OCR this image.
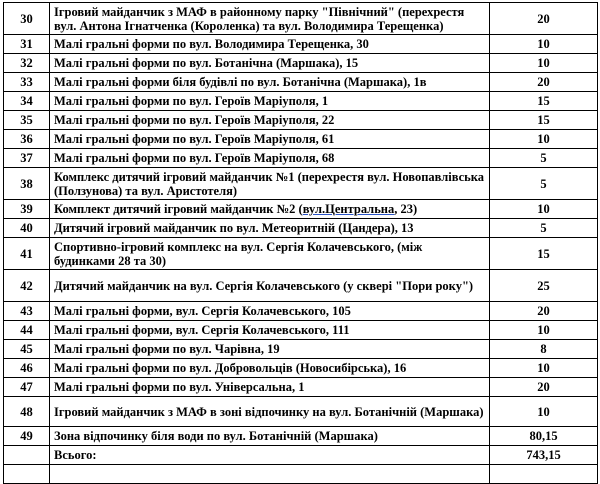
30	Ігровий майданчик з МАФ в районному парку "Північний" (перехрестя вул. Антона Ігнатченка (Короленка) та вул. Володимира Терещенка)	20
31	Малі гральні форми по вул. Володимира Терещенка, 30	10
32	Малі гральні форми по вул. Ботанічна (Маршака), 15	10
33	Малі гральні форми біля будівлі по вул. Ботанічна (Маршака), 1в	20
34	Малі гральні форми по вул. Героїв Маріуполя, 1	15
35	Малі гральні форми по вул. Героїв Маріуполя, 22	15
36	Малі гральні форми по вул. Героїв Маріуполя, 61	10
37	Малі гральні форми по вул. Героїв Маріуполя, 68	5
38	Комплекс дитячий ігровий майданчик №1 (перехрестя вул. Новопавлівська (Ползунова) та вул. Аристотеля)	5
39	Комплект дитячий ігровий майданчик №2 (вул.Центральна, 23)	10
40	Дитячий ігровий майданчик по вул. Метеоритній (Цандера), 13	5
41	Спортивно-ігровий комплекс на вул. Сергія Колачевського, (між будинками 28 та 30)	15
42	Дитячий майданчик на вул. Сергія Колачевського (у сквері "Пори року")	25
43	Малі гральні форми, вул. Сергія Колачевського, 105	20
44	Малі гральні форми, вул. Сергія Колачевського, 111	10
45	Малі гральні форми по вул. Чарівна, 19	8
46	Малі гральні форми по вул. Добровольців (Новосибірська), 16	10
47	Малі гральні форми по вул. Універсальна, 1	20
48	Ігровий майданчик з МАФ в зоні відпочинку на вул. Ботанічній (Маршака)	10
49	Зона відпочинку біля води по вул. Ботанічній (Маршака)	80,15
	Всього:	743,15
